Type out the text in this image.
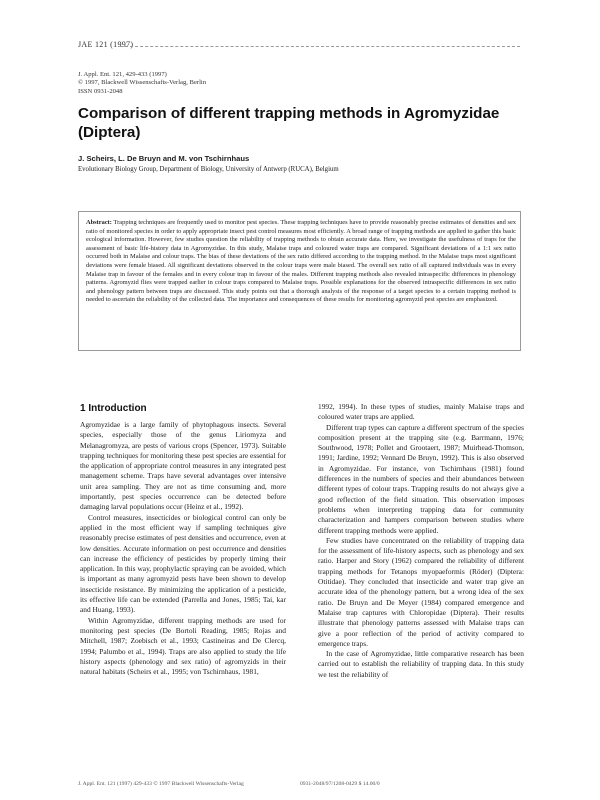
JAE 121 (1997)
J. Appl. Ent. 121, 429-433 (1997)
© 1997, Blackwell Wissenschafts-Verlag, Berlin
ISSN 0931-2048
Comparison of different trapping methods in Agromyzidae (Diptera)
J. Scheirs, L. De Bruyn and M. von Tschirnhaus
Evolutionary Biology Group, Department of Biology, University of Antwerp (RUCA), Belgium
Abstract: Trapping techniques are frequently used to monitor pest species. These trapping techniques have to provide reasonably precise estimates of densities and sex ratio of monitored species in order to apply appropriate insect pest control measures most efficiently. A broad range of trapping methods are applied to gather this basic ecological information. However, few studies question the reliability of trapping methods to obtain accurate data. Here, we investigate the usefulness of traps for the assessment of basic life-history data in Agromyzidae. In this study, Malaise traps and coloured water traps are compared. Significant deviations of a 1:1 sex ratio occurred both in Malaise and colour traps. The bias of these deviations of the sex ratio differed according to the trapping method. In the Malaise traps most significant deviations were female biased. All significant deviations observed in the colour traps were male biased. The overall sex ratio of all captured individuals was in every Malaise trap in favour of the females and in every colour trap in favour of the males. Different trapping methods also revealed intraspecific differences in phenology patterns. Agromyzid flies were trapped earlier in colour traps compared to Malaise traps. Possible explanations for the observed intraspecific differences in sex ratio and phenology pattern between traps are discussed. This study points out that a thorough analysis of the response of a target species to a certain trapping method is needed to ascertain the reliability of the collected data. The importance and consequences of these results for monitoring agromyzid pest species are emphasized.
1 Introduction

Agromyzidae is a large family of phytophagous insects. Several species, especially those of the genus Liriomyza and Melanagromyza, are pests of various crops (Spencer, 1973). Suitable trapping techniques for monitoring these pest species are essential for the application of appropriate control measures in any integrated pest management scheme. Traps have several advantages over intensive unit area sampling. They are not as time consuming and, more importantly, pest species occurrence can be detected before damaging larval populations occur (Heinz et al., 1992).

Control measures, insecticides or biological control can only be applied in the most efficient way if sampling techniques give reasonably precise estimates of pest densities and occurrence, even at low densities. Accurate information on pest occurrence and densities can increase the efficiency of pesticides by properly timing their application. In this way, prophylactic spraying can be avoided, which is important as many agromyzid pests have been shown to develop insecticide resistance. By minimizing the application of a pesticide, its effective life can be extended (Parrella and Jones, 1985; Tai, kar and Huang, 1993).

Within Agromyzidae, different trapping methods are used for monitoring pest species (De Bortoli Reading, 1985; Rojas and Mitchell, 1987; Zoebisch et al., 1993; Castineiras and De Clercq, 1994; Palumbo et al., 1994). Traps are also applied to study the life history aspects (phenology and sex ratio) of agromyzids in their natural habitats (Scheirs et al., 1995; von Tschirnhaus, 1981,

1992, 1994). In these types of studies, mainly Malaise traps and coloured water traps are applied.

Different trap types can capture a different spectrum of the species composition present at the trapping site (e.g. Barrmann, 1976; Southwood, 1978; Pollet and Grootaert, 1987; Muirhead-Thomson, 1991; Jardine, 1992; Vennard De Bruyn, 1992). This is also observed in Agromyzidae. For instance, von Tschirnhaus (1981) found differences in the numbers of species and their abundances between different types of colour traps. Trapping results do not always give a good reflection of the field situation. This observation imposes problems when interpreting trapping data for community characterization and hampers comparison between studies where different trapping methods were applied.

Few studies have concentrated on the reliability of trapping data for the assessment of life-history aspects, such as phenology and sex ratio. Harper and Story (1962) compared the reliability of different trapping methods for Tetanops myopaeformis (Röder) (Diptera: Otitidae). They concluded that insecticide and water trap give an accurate idea of the phenology pattern, but a wrong idea of the sex ratio. De Bruyn and De Meyer (1984) compared emergence and Malaise trap captures with Chloropidae (Diptera). Their results illustrate that phenology patterns assessed with Malaise traps can give a poor reflection of the period of activity compared to emergence traps.

In the case of Agromyzidae, little comparative research has been carried out to establish the reliability of trapping data. In this study we test the reliability of

J. Appl. Ent. 121 (1997) 429-433 © 1997 Blackwell Wissenschafts-Verlag	0931-2048/97/1208-0429 $ 14.00/0
